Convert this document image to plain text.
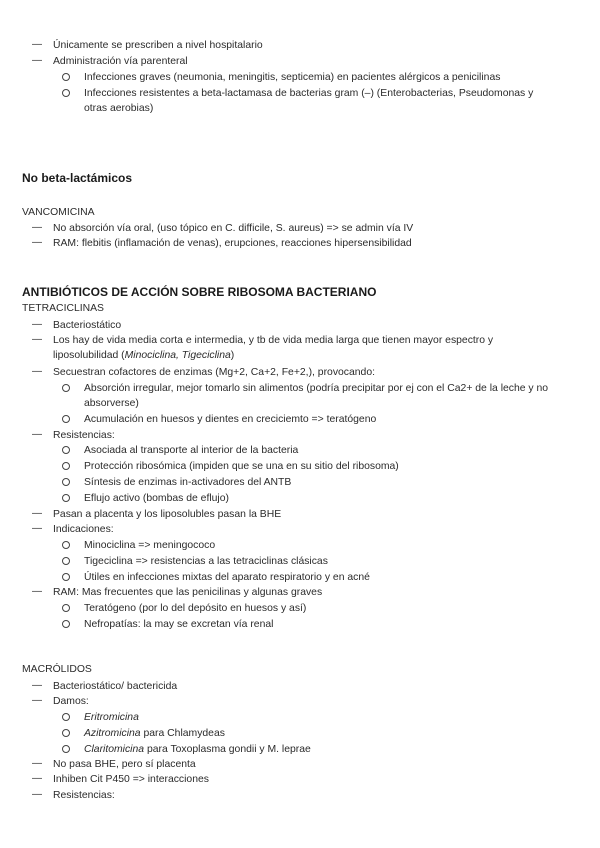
—
Únicamente se prescriben a nivel hospitalario
—
Administración vía parenteral
Infecciones graves (neumonia, meningitis, septicemia) en pacientes alérgicos a penicilinas
Infecciones resistentes a beta-lactamasa de bacterias gram (–) (Enterobacterias, Pseudomonas y
otras aerobias)
No beta-lactámicos
VANCOMICINA
—
No absorción vía oral, (uso tópico en C. difficile, S. aureus) => se admin vía IV
—
RAM: flebitis (inflamación de venas), erupciones, reacciones hipersensibilidad
ANTIBIÓTICOS DE ACCIÓN SOBRE RIBOSOMA BACTERIANO
TETRACICLINAS
—
Bacteriostático
—
Los hay de vida media corta e intermedia, y tb de vida media larga que tienen mayor espectro y
liposolubilidad (Minociclina, Tigeciclina)
—
Secuestran cofactores de enzimas (Mg+2, Ca+2, Fe+2,), provocando:
Absorción irregular, mejor tomarlo sin alimentos (podría precipitar por ej con el Ca2+ de la leche y no
absorverse)
Acumulación en huesos y dientes en creciciemto => teratógeno
—
Resistencias:
Asociada al transporte al interior de la bacteria
Protección ribosómica (impiden que se una en su sitio del ribosoma)
Síntesis de enzimas in-activadores del ANTB
Eflujo activo (bombas de eflujo)
—
Pasan a placenta y los liposolubles pasan la BHE
—
Indicaciones:
Minociclina => meningococo
Tigeciclina => resistencias a las tetraciclinas clásicas
Útiles en infecciones mixtas del aparato respiratorio y en acné
—
RAM: Mas frecuentes que las penicilinas y algunas graves
Teratógeno (por lo del depósito en huesos y así)
Nefropatías: la may se excretan vía renal
MACRÓLIDOS
—
Bacteriostático/ bactericida
—
Damos:
Eritromicina
Azitromicina para Chlamydeas
Claritomicina para Toxoplasma gondii y M. leprae
—
No pasa BHE, pero sí placenta
—
Inhiben Cit P450 => interacciones
—
Resistencias:
